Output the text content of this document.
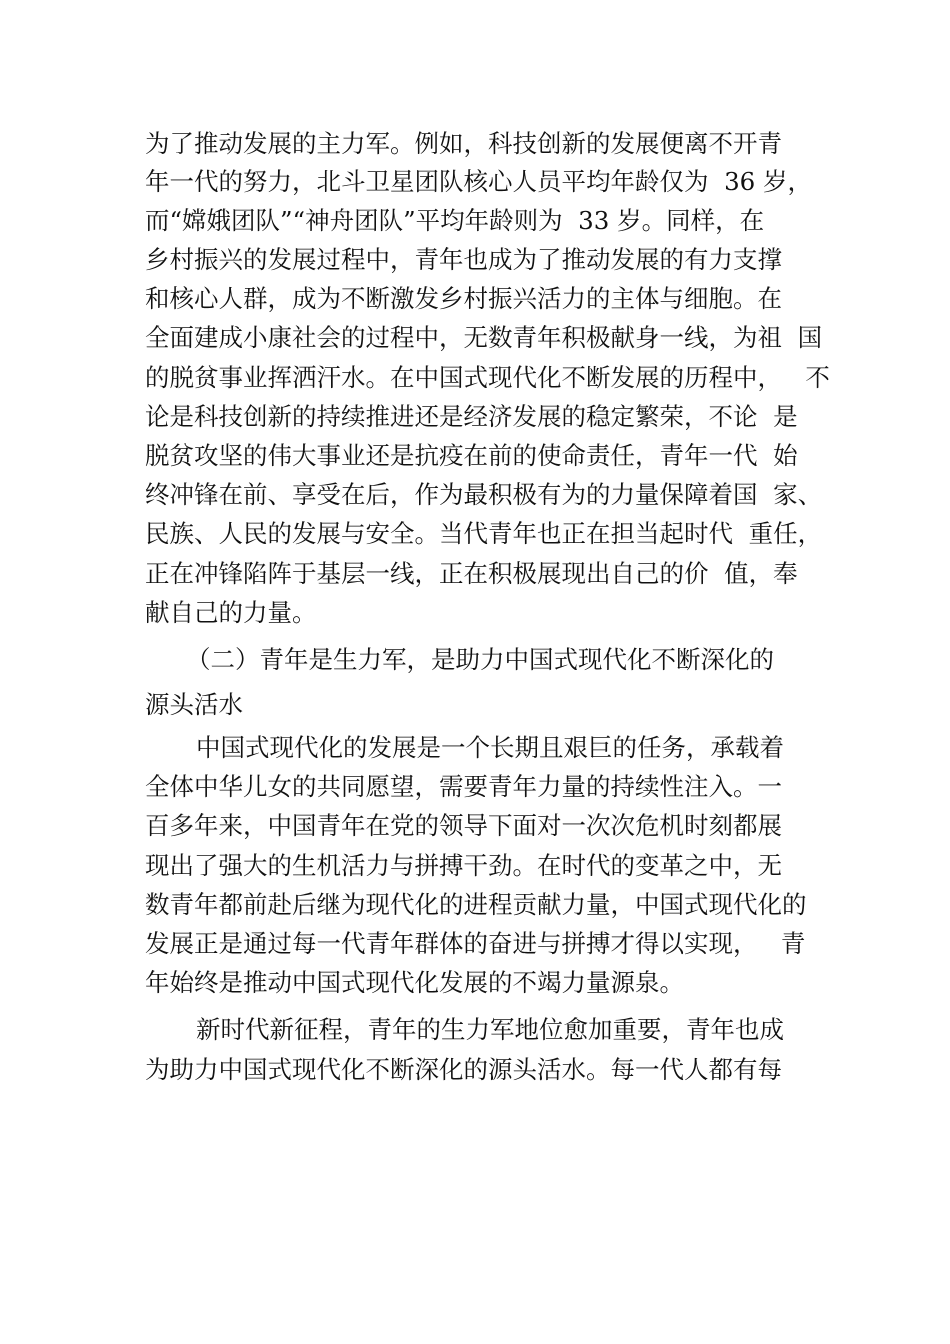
为了推动发展的主力军。例如，科技创新的发展便离不开青
年一代的努力，北斗卫星团队核心人员平均年龄仅为  36 岁，
而“嫦娥团队”“神舟团队”平均年龄则为  33 岁。同样，在
乡村振兴的发展过程中，青年也成为了推动发展的有力支撑
和核心人群，成为不断激发乡村振兴活力的主体与细胞。在
全面建成小康社会的过程中，无数青年积极献身一线，为祖  国
的脱贫事业挥洒汗水。在中国式现代化不断发展的历程中，   不
论是科技创新的持续推进还是经济发展的稳定繁荣，不论  是
脱贫攻坚的伟大事业还是抗疫在前的使命责任，青年一代  始
终冲锋在前、享受在后，作为最积极有为的力量保障着国  家、
民族、人民的发展与安全。当代青年也正在担当起时代  重任，
正在冲锋陷阵于基层一线，正在积极展现出自己的价  值，奉
献自己的力量。
（二）青年是生力军，是助力中国式现代化不断深化的
源头活水
中国式现代化的发展是一个长期且艰巨的任务，承载着
全体中华儿女的共同愿望，需要青年力量的持续性注入。一
百多年来，中国青年在党的领导下面对一次次危机时刻都展
现出了强大的生机活力与拼搏干劲。在时代的变革之中，无
数青年都前赴后继为现代化的进程贡献力量，中国式现代化的
发展正是通过每一代青年群体的奋进与拼搏才得以实现，   青
年始终是推动中国式现代化发展的不竭力量源泉。
新时代新征程，青年的生力军地位愈加重要，青年也成
为助力中国式现代化不断深化的源头活水。每一代人都有每
